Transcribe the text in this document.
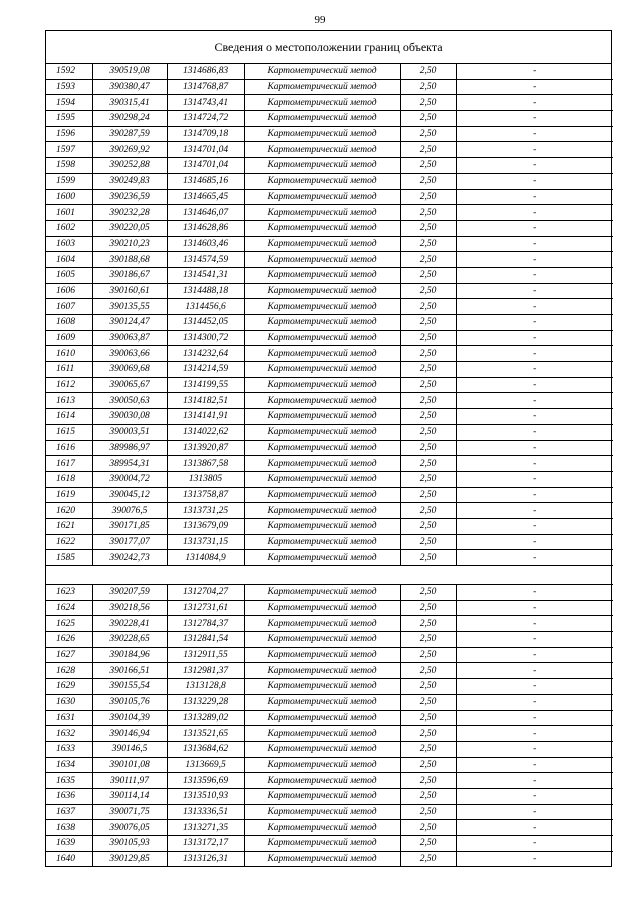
99
Сведения о местоположении границ объекта
1592	390519,08	1314686,83	Картометрический метод	2,50	-
1593	390380,47	1314768,87	Картометрический метод	2,50	-
1594	390315,41	1314743,41	Картометрический метод	2,50	-
1595	390298,24	1314724,72	Картометрический метод	2,50	-
1596	390287,59	1314709,18	Картометрический метод	2,50	-
1597	390269,92	1314701,04	Картометрический метод	2,50	-
1598	390252,88	1314701,04	Картометрический метод	2,50	-
1599	390249,83	1314685,16	Картометрический метод	2,50	-
1600	390236,59	1314665,45	Картометрический метод	2,50	-
1601	390232,28	1314646,07	Картометрический метод	2,50	-
1602	390220,05	1314628,86	Картометрический метод	2,50	-
1603	390210,23	1314603,46	Картометрический метод	2,50	-
1604	390188,68	1314574,59	Картометрический метод	2,50	-
1605	390186,67	1314541,31	Картометрический метод	2,50	-
1606	390160,61	1314488,18	Картометрический метод	2,50	-
1607	390135,55	1314456,6	Картометрический метод	2,50	-
1608	390124,47	1314452,05	Картометрический метод	2,50	-
1609	390063,87	1314300,72	Картометрический метод	2,50	-
1610	390063,66	1314232,64	Картометрический метод	2,50	-
1611	390069,68	1314214,59	Картометрический метод	2,50	-
1612	390065,67	1314199,55	Картометрический метод	2,50	-
1613	390050,63	1314182,51	Картометрический метод	2,50	-
1614	390030,08	1314141,91	Картометрический метод	2,50	-
1615	390003,51	1314022,62	Картометрический метод	2,50	-
1616	389986,97	1313920,87	Картометрический метод	2,50	-
1617	389954,31	1313867,58	Картометрический метод	2,50	-
1618	390004,72	1313805	Картометрический метод	2,50	-
1619	390045,12	1313758,87	Картометрический метод	2,50	-
1620	390076,5	1313731,25	Картометрический метод	2,50	-
1621	390171,85	1313679,09	Картометрический метод	2,50	-
1622	390177,07	1313731,15	Картометрический метод	2,50	-
1585	390242,73	1314084,9	Картометрический метод	2,50	-

1623	390207,59	1312704,27	Картометрический метод	2,50	-
1624	390218,56	1312731,61	Картометрический метод	2,50	-
1625	390228,41	1312784,37	Картометрический метод	2,50	-
1626	390228,65	1312841,54	Картометрический метод	2,50	-
1627	390184,96	1312911,55	Картометрический метод	2,50	-
1628	390166,51	1312981,37	Картометрический метод	2,50	-
1629	390155,54	1313128,8	Картометрический метод	2,50	-
1630	390105,76	1313229,28	Картометрический метод	2,50	-
1631	390104,39	1313289,02	Картометрический метод	2,50	-
1632	390146,94	1313521,65	Картометрический метод	2,50	-
1633	390146,5	1313684,62	Картометрический метод	2,50	-
1634	390101,08	1313669,5	Картометрический метод	2,50	-
1635	390111,97	1313596,69	Картометрический метод	2,50	-
1636	390114,14	1313510,93	Картометрический метод	2,50	-
1637	390071,75	1313336,51	Картометрический метод	2,50	-
1638	390076,05	1313271,35	Картометрический метод	2,50	-
1639	390105,93	1313172,17	Картометрический метод	2,50	-
1640	390129,85	1313126,31	Картометрический метод	2,50	-
